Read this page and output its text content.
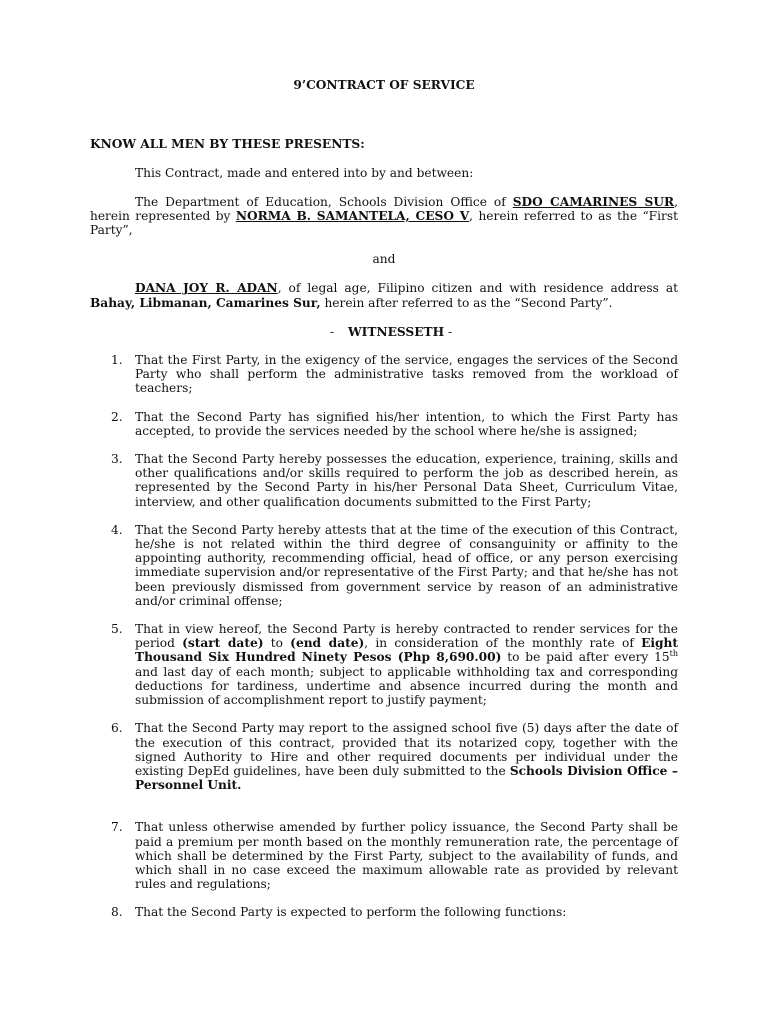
9’CONTRACT OF SERVICE

KNOW ALL MEN BY THESE PRESENTS:

This Contract, made and entered into by and between:

The Department of Education, Schools Division Office of SDO CAMARINES SUR, herein represented by NORMA B. SAMANTELA, CESO V, herein referred to as the “First Party”,

and

DANA JOY R. ADAN, of legal age, Filipino citizen and with residence address at Bahay, Libmanan, Camarines Sur, herein after referred to as the “Second Party”.

- WITNESSETH -

1. That the First Party, in the exigency of the service, engages the services of the Second Party who shall perform the administrative tasks removed from the workload of teachers;
2. That the Second Party has signified his/her intention, to which the First Party has accepted, to provide the services needed by the school where he/she is assigned;
3. That the Second Party hereby possesses the education, experience, training, skills and other qualifications and/or skills required to perform the job as described herein, as represented by the Second Party in his/her Personal Data Sheet, Curriculum Vitae, interview, and other qualification documents submitted to the First Party;
4. That the Second Party hereby attests that at the time of the execution of this Contract, he/she is not related within the third degree of consanguinity or affinity to the appointing authority, recommending official, head of office, or any person exercising immediate supervision and/or representative of the First Party; and that he/she has not been previously dismissed from government service by reason of an administrative and/or criminal offense;
5. That in view hereof, the Second Party is hereby contracted to render services for the period (start date) to (end date), in consideration of the monthly rate of Eight Thousand Six Hundred Ninety Pesos (Php 8,690.00) to be paid after every 15th and last day of each month; subject to applicable withholding tax and corresponding deductions for tardiness, undertime and absence incurred during the month and submission of accomplishment report to justify payment;
6. That the Second Party may report to the assigned school five (5) days after the date of the execution of this contract, provided that its notarized copy, together with the signed Authority to Hire and other required documents per individual under the existing DepEd guidelines, have been duly submitted to the Schools Division Office – Personnel Unit.
7. That unless otherwise amended by further policy issuance, the Second Party shall be paid a premium per month based on the monthly remuneration rate, the percentage of which shall be determined by the First Party, subject to the availability of funds, and which shall in no case exceed the maximum allowable rate as provided by relevant rules and regulations;
8. That the Second Party is expected to perform the following functions:
